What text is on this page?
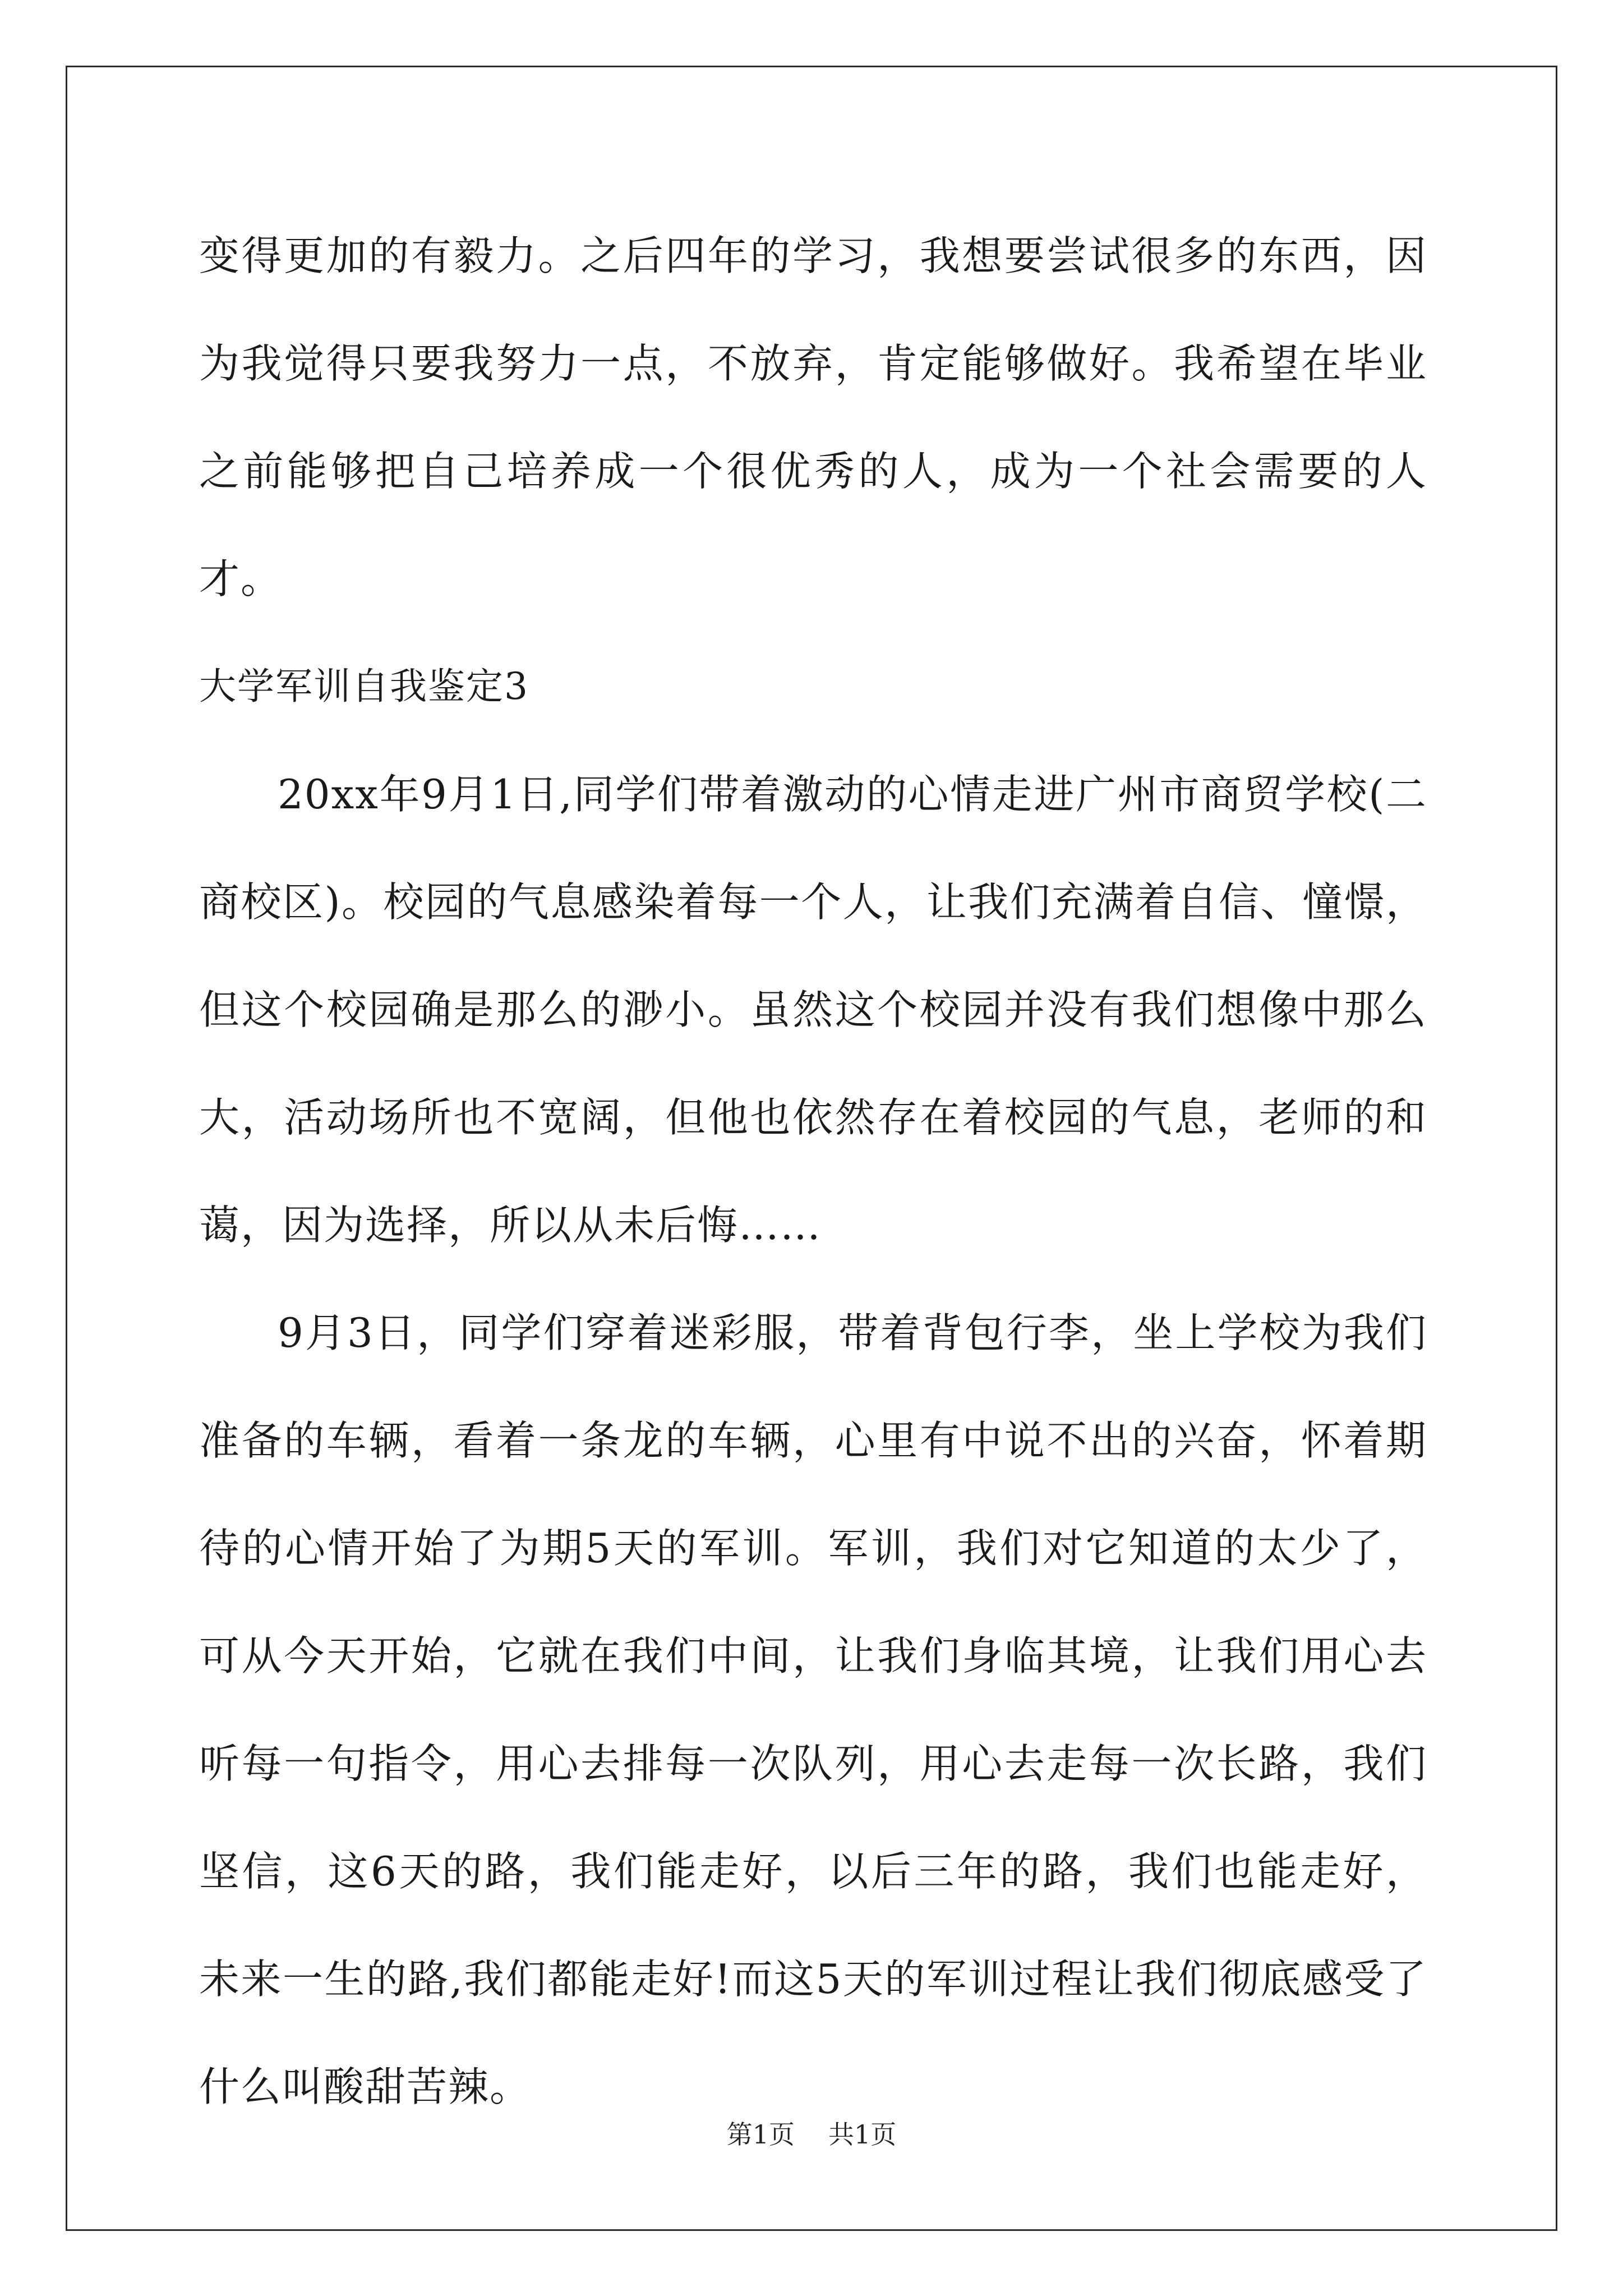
变得更加的有毅力。之后四年的学习，我想要尝试很多的东西，因为我觉得只要我努力一点，不放弃，肯定能够做好。我希望在毕业之前能够把自己培养成一个很优秀的人，成为一个社会需要的人才。

大学军训自我鉴定3

20xx年9月1日,同学们带着激动的心情走进广州市商贸学校(二商校区)。校园的气息感染着每一个人，让我们充满着自信、憧憬，但这个校园确是那么的渺小。虽然这个校园并没有我们想像中那么大，活动场所也不宽阔，但他也依然存在着校园的气息，老师的和蔼，因为选择，所以从未后悔……

9月3日，同学们穿着迷彩服，带着背包行李，坐上学校为我们准备的车辆，看着一条龙的车辆，心里有中说不出的兴奋，怀着期待的心情开始了为期5天的军训。军训，我们对它知道的太少了，可从今天开始，它就在我们中间，让我们身临其境，让我们用心去听每一句指令，用心去排每一次队列，用心去走每一次长路，我们坚信，这6天的路，我们能走好，以后三年的路，我们也能走好，未来一生的路,我们都能走好!而这5天的军训过程让我们彻底感受了什么叫酸甜苦辣。

第1页 共1页
